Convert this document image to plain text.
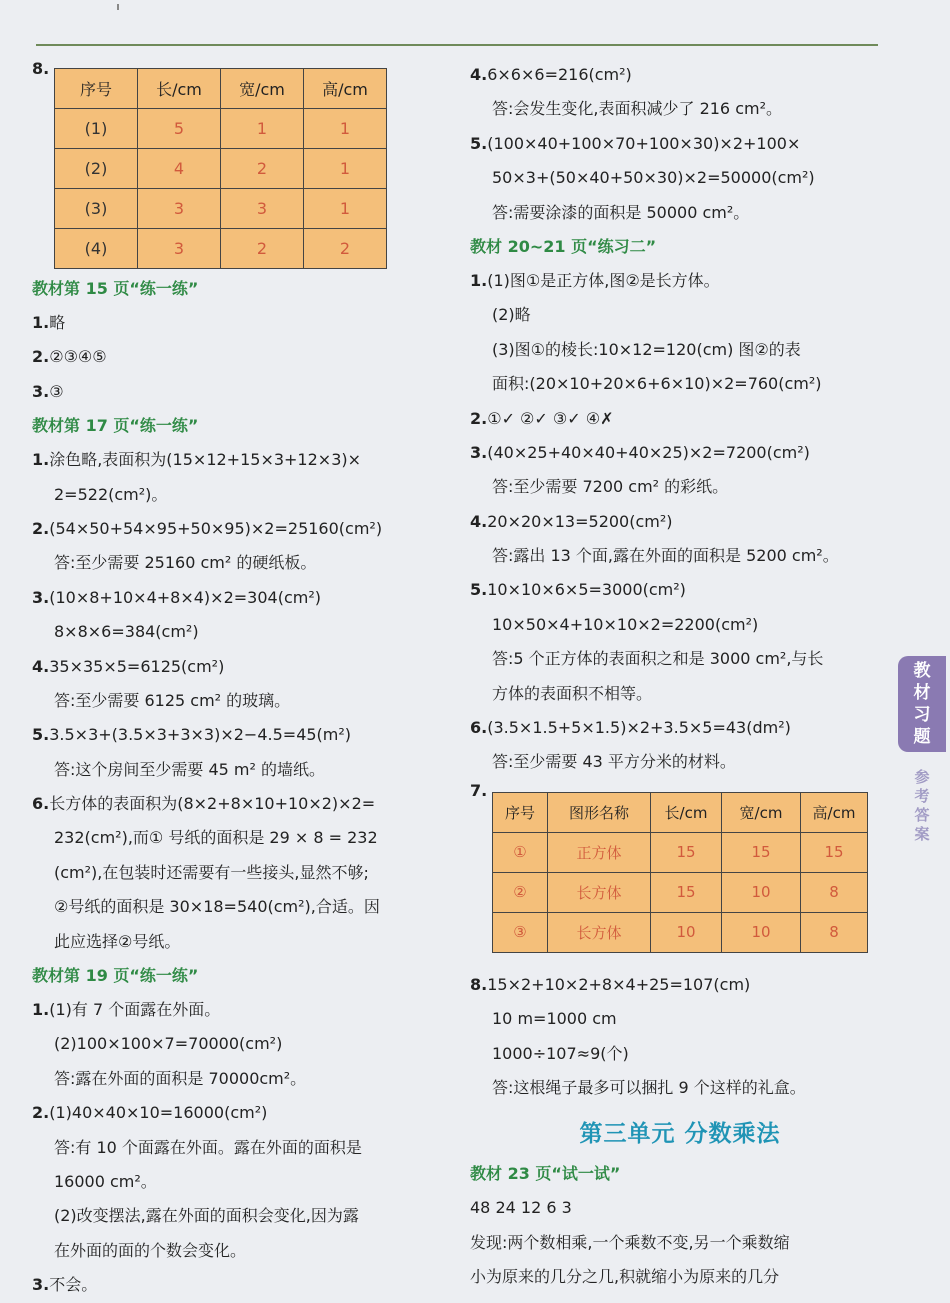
8.
序号	长/cm	宽/cm	高/cm
(1)	5	1	1
(2)	4	2	1
(3)	3	3	1
(4)	3	2	2
教材第 15 页“练一练”
1.略
2.②③④⑤
3.③
教材第 17 页“练一练”
1.涂色略,表面积为(15×12+15×3+12×3)×
2=522(cm²)。
2.(54×50+54×95+50×95)×2=25160(cm²)
答:至少需要 25160 cm² 的硬纸板。
3.(10×8+10×4+8×4)×2=304(cm²)
8×8×6=384(cm²)
4.35×35×5=6125(cm²)
答:至少需要 6125 cm² 的玻璃。
5.3.5×3+(3.5×3+3×3)×2−4.5=45(m²)
答:这个房间至少需要 45 m² 的墙纸。
6.长方体的表面积为(8×2+8×10+10×2)×2=
232(cm²),而① 号纸的面积是 29 × 8 = 232
(cm²),在包装时还需要有一些接头,显然不够;
②号纸的面积是 30×18=540(cm²),合适。因
此应选择②号纸。
教材第 19 页“练一练”
1.(1)有 7 个面露在外面。
(2)100×100×7=70000(cm²)
答:露在外面的面积是 70000cm²。
2.(1)40×40×10=16000(cm²)
答:有 10 个面露在外面。露在外面的面积是
16000 cm²。
(2)改变摆法,露在外面的面积会变化,因为露
在外面的面的个数会变化。
3.不会。
4.6×6×6=216(cm²)
答:会发生变化,表面积减少了 216 cm²。
5.(100×40+100×70+100×30)×2+100×
50×3+(50×40+50×30)×2=50000(cm²)
答:需要涂漆的面积是 50000 cm²。
教材 20~21 页“练习二”
1.(1)图①是正方体,图②是长方体。
(2)略
(3)图①的棱长:10×12=120(cm) 图②的表
面积:(20×10+20×6+6×10)×2=760(cm²)
2.①✓ ②✓ ③✓ ④✗
3.(40×25+40×40+40×25)×2=7200(cm²)
答:至少需要 7200 cm² 的彩纸。
4.20×20×13=5200(cm²)
答:露出 13 个面,露在外面的面积是 5200 cm²。
5.10×10×6×5=3000(cm²)
10×50×4+10×10×2=2200(cm²)
答:5 个正方体的表面积之和是 3000 cm²,与长
方体的表面积不相等。
6.(3.5×1.5+5×1.5)×2+3.5×5=43(dm²)
答:至少需要 43 平方分米的材料。
7.
序号	图形名称	长/cm	宽/cm	高/cm
①	正方体	15	15	15
②	长方体	15	10	8
③	长方体	10	10	8
8.15×2+10×2+8×4+25=107(cm)
10 m=1000 cm
1000÷107≈9(个)
答:这根绳子最多可以捆扎 9 个这样的礼盒。
第三单元 分数乘法
教材 23 页“试一试”
48 24 12 6 3
发现:两个数相乘,一个乘数不变,另一个乘数缩
小为原来的几分之几,积就缩小为原来的几分
教
材
习
题
参考答案
